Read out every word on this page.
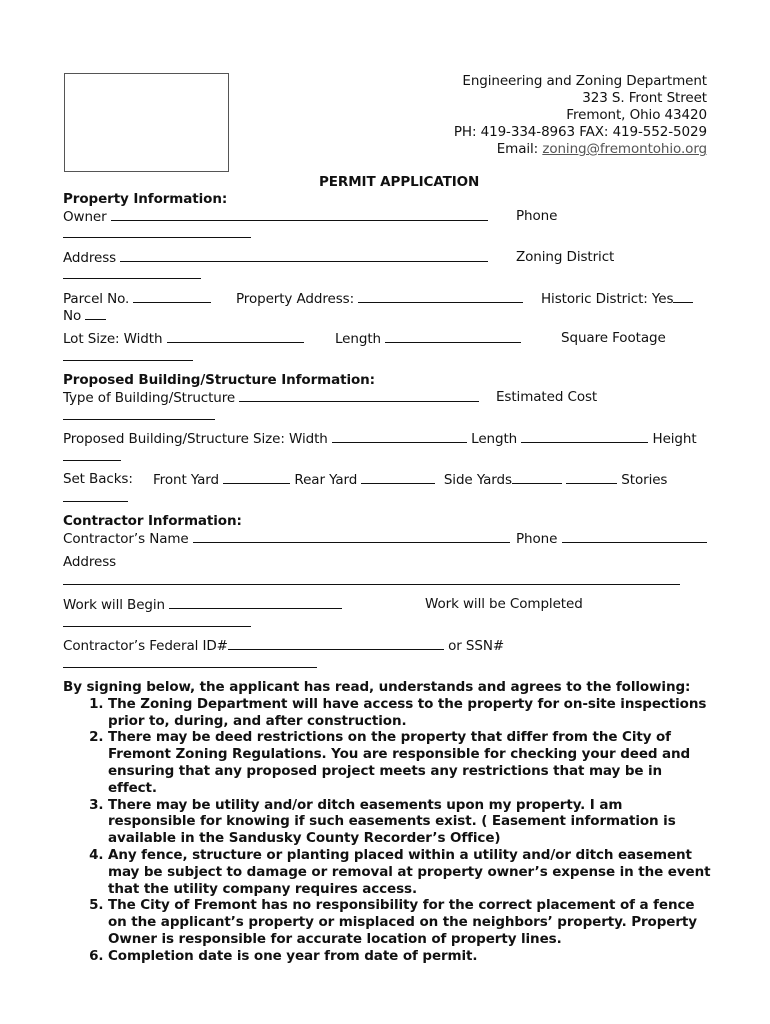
Engineering and Zoning Department
323 S. Front Street
Fremont, Ohio 43420
PH: 419-334-8963 FAX: 419-552-5029
Email: zoning@fremontohio.org
PERMIT APPLICATION
Property Information:
Owner	Phone
Address	Zoning District
Parcel No.	Property Address:	Historic District: Yes
No
Lot Size: Width	Length	Square Footage
Proposed Building/Structure Information:
Type of Building/Structure	Estimated Cost
Proposed Building/Structure Size: Width	Length	Height
Set Backs: Front Yard	Rear Yard	Side Yards	Stories
Contractor Information:
Contractor’s Name	Phone
Address
Work will Begin	Work will be Completed
Contractor’s Federal ID#	or SSN#
By signing below, the applicant has read, understands and agrees to the following:
1. The Zoning Department will have access to the property for on-site inspections prior to, during, and after construction.
2. There may be deed restrictions on the property that differ from the City of Fremont Zoning Regulations. You are responsible for checking your deed and ensuring that any proposed project meets any restrictions that may be in effect.
3. There may be utility and/or ditch easements upon my property. I am responsible for knowing if such easements exist. ( Easement information is available in the Sandusky County Recorder’s Office)
4. Any fence, structure or planting placed within a utility and/or ditch easement may be subject to damage or removal at property owner’s expense in the event that the utility company requires access.
5. The City of Fremont has no responsibility for the correct placement of a fence on the applicant’s property or misplaced on the neighbors’ property. Property Owner is responsible for accurate location of property lines.
6. Completion date is one year from date of permit.
